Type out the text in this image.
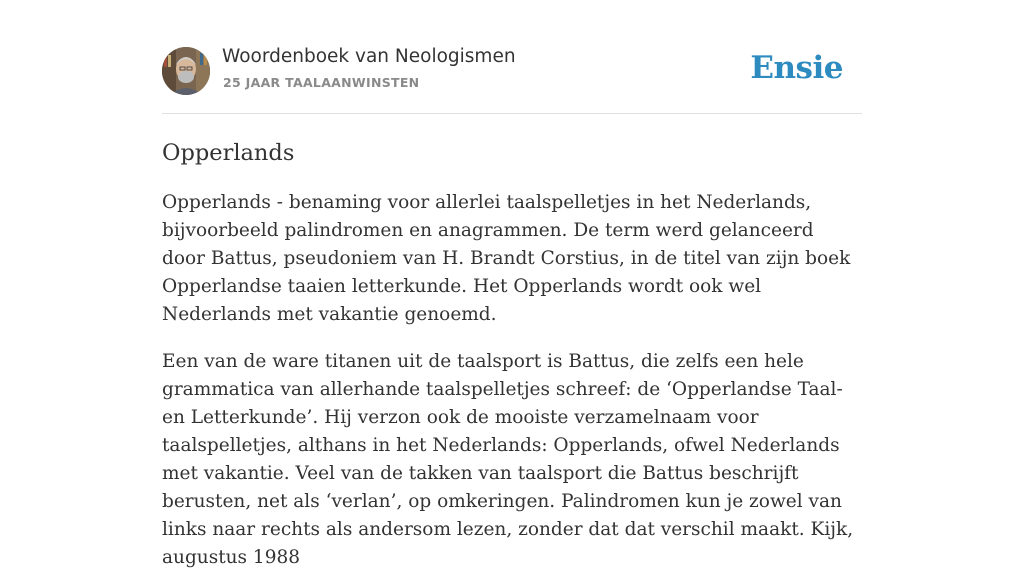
Woordenboek van Neologismen
25 JAAR TAALAANWINSTEN	Ensie
Opperlands

Opperlands - benaming voor allerlei taalspelletjes in het Nederlands, bijvoorbeeld palindromen en anagrammen. De term werd gelanceerd door Battus, pseudoniem van H. Brandt Corstius, in de titel van zijn boek Opperlandse taaien letterkunde. Het Opperlands wordt ook wel Nederlands met vakantie genoemd.

Een van de ware titanen uit de taalsport is Battus, die zelfs een hele grammatica van allerhande taalspelletjes schreef: de ‘Opperlandse Taal- en Letterkunde’. Hij verzon ook de mooiste verzamelnaam voor taalspelletjes, althans in het Nederlands: Opperlands, ofwel Nederlands met vakantie. Veel van de takken van taalsport die Battus beschrijft berusten, net als ‘verlan’, op omkeringen. Palindromen kun je zowel van links naar rechts als andersom lezen, zonder dat dat verschil maakt. Kijk, augustus 1988
